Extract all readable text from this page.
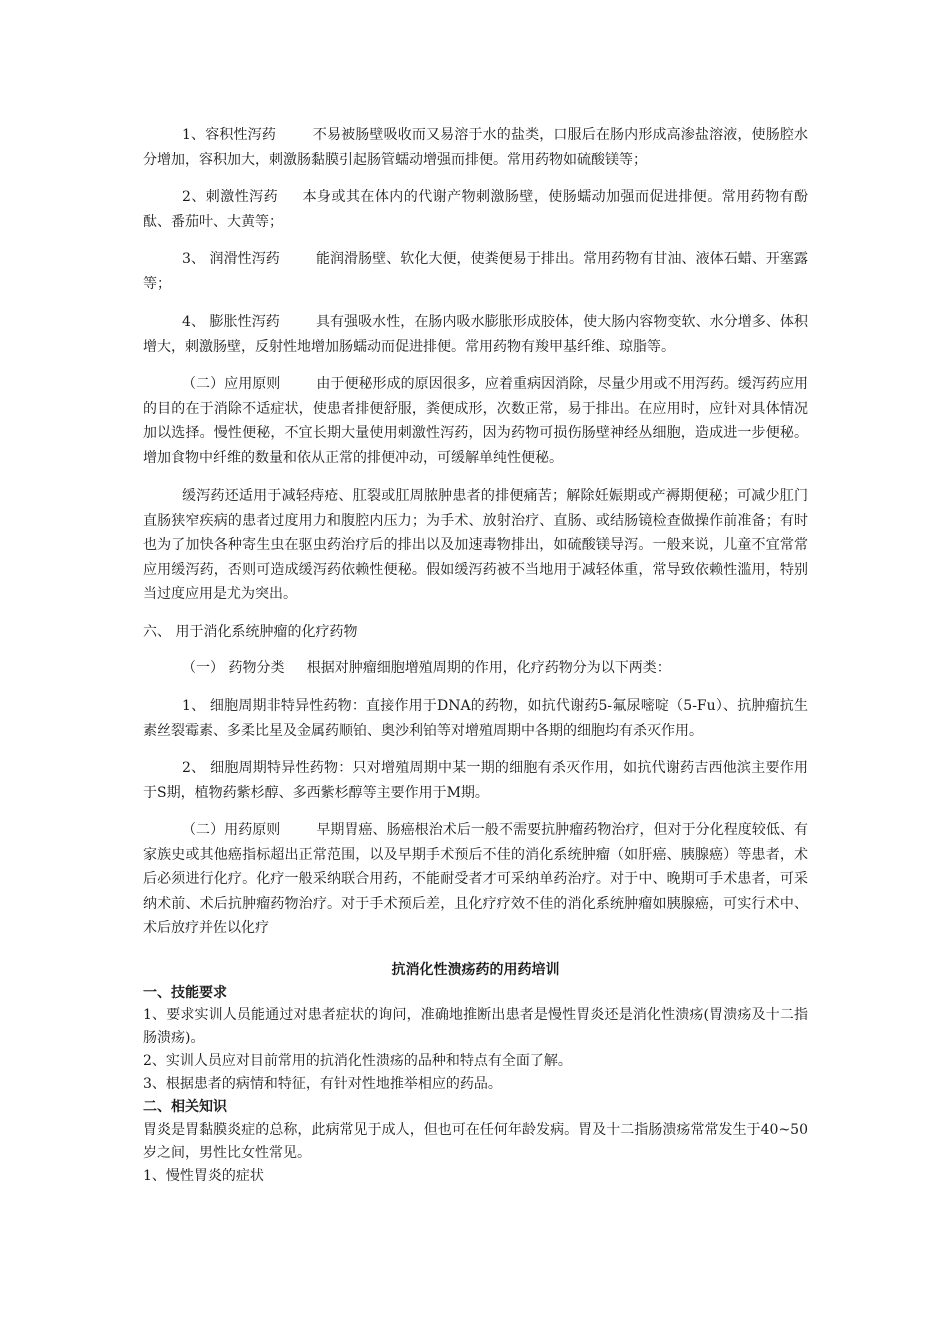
1、容积性泻药	不易被肠壁吸收而又易溶于水的盐类，口服后在肠内形成高渗盐溶液，使肠腔水分增加，容积加大，刺激肠黏膜引起肠管蠕动增强而排便。常用药物如硫酸镁等；

2、刺激性泻药 本身或其在体内的代谢产物刺激肠壁，使肠蠕动加强而促进排便。常用药物有酚酞、番茄叶、大黄等；

3、 润滑性泻药	能润滑肠壁、软化大便，使粪便易于排出。常用药物有甘油、液体石蜡、开塞露等；

4、 膨胀性泻药	具有强吸水性，在肠内吸水膨胀形成胶体，使大肠内容物变软、水分增多、体积增大，刺激肠壁，反射性地增加肠蠕动而促进排便。常用药物有羧甲基纤维、琼脂等。

（二）应用原则	由于便秘形成的原因很多，应着重病因消除，尽量少用或不用泻药。缓泻药应用的目的在于消除不适症状，使患者排便舒服，粪便成形，次数正常，易于排出。在应用时，应针对具体情况加以选择。慢性便秘，不宜长期大量使用刺激性泻药，因为药物可损伤肠壁神经丛细胞，造成进一步便秘。增加食物中纤维的数量和依从正常的排便冲动，可缓解单纯性便秘。

缓泻药还适用于减轻痔疮、肛裂或肛周脓肿患者的排便痛苦；解除妊娠期或产褥期便秘；可减少肛门直肠狭窄疾病的患者过度用力和腹腔内压力；为手术、放射治疗、直肠、或结肠镜检查做操作前准备；有时也为了加快各种寄生虫在驱虫药治疗后的排出以及加速毒物排出，如硫酸镁导泻。一般来说，儿童不宜常常应用缓泻药，否则可造成缓泻药依赖性便秘。假如缓泻药被不当地用于减轻体重，常导致依赖性滥用，特别当过度应用是尤为突出。

六、 用于消化系统肿瘤的化疗药物

（一） 药物分类 根据对肿瘤细胞增殖周期的作用，化疗药物分为以下两类：

1、 细胞周期非特异性药物：直接作用于DNA的药物，如抗代谢药5-氟尿嘧啶（5-Fu）、抗肿瘤抗生素丝裂霉素、多柔比星及金属药顺铂、奥沙利铂等对增殖周期中各期的细胞均有杀灭作用。

2、 细胞周期特异性药物：只对增殖周期中某一期的细胞有杀灭作用，如抗代谢药吉西他滨主要作用于S期，植物药紫杉醇、多西紫杉醇等主要作用于M期。

（二）用药原则	早期胃癌、肠癌根治术后一般不需要抗肿瘤药物治疗，但对于分化程度较低、有家族史或其他癌指标超出正常范围，以及早期手术预后不佳的消化系统肿瘤（如肝癌、胰腺癌）等患者，术后必须进行化疗。化疗一般采纳联合用药，不能耐受者才可采纳单药治疗。对于中、晚期可手术患者，可采纳术前、术后抗肿瘤药物治疗。对于手术预后差，且化疗疗效不佳的消化系统肿瘤如胰腺癌，可实行术中、术后放疗并佐以化疗

抗消化性溃疡药的用药培训

一、技能要求

1、要求实训人员能通过对患者症状的询问，准确地推断出患者是慢性胃炎还是消化性溃疡(胃溃疡及十二指肠溃疡)。

2、实训人员应对目前常用的抗消化性溃疡的品种和特点有全面了解。

3、根据患者的病情和特征，有针对性地推举相应的药品。

二、相关知识

胃炎是胃黏膜炎症的总称，此病常见于成人，但也可在任何年龄发病。胃及十二指肠溃疡常常发生于40~50岁之间，男性比女性常见。

1、慢性胃炎的症状
